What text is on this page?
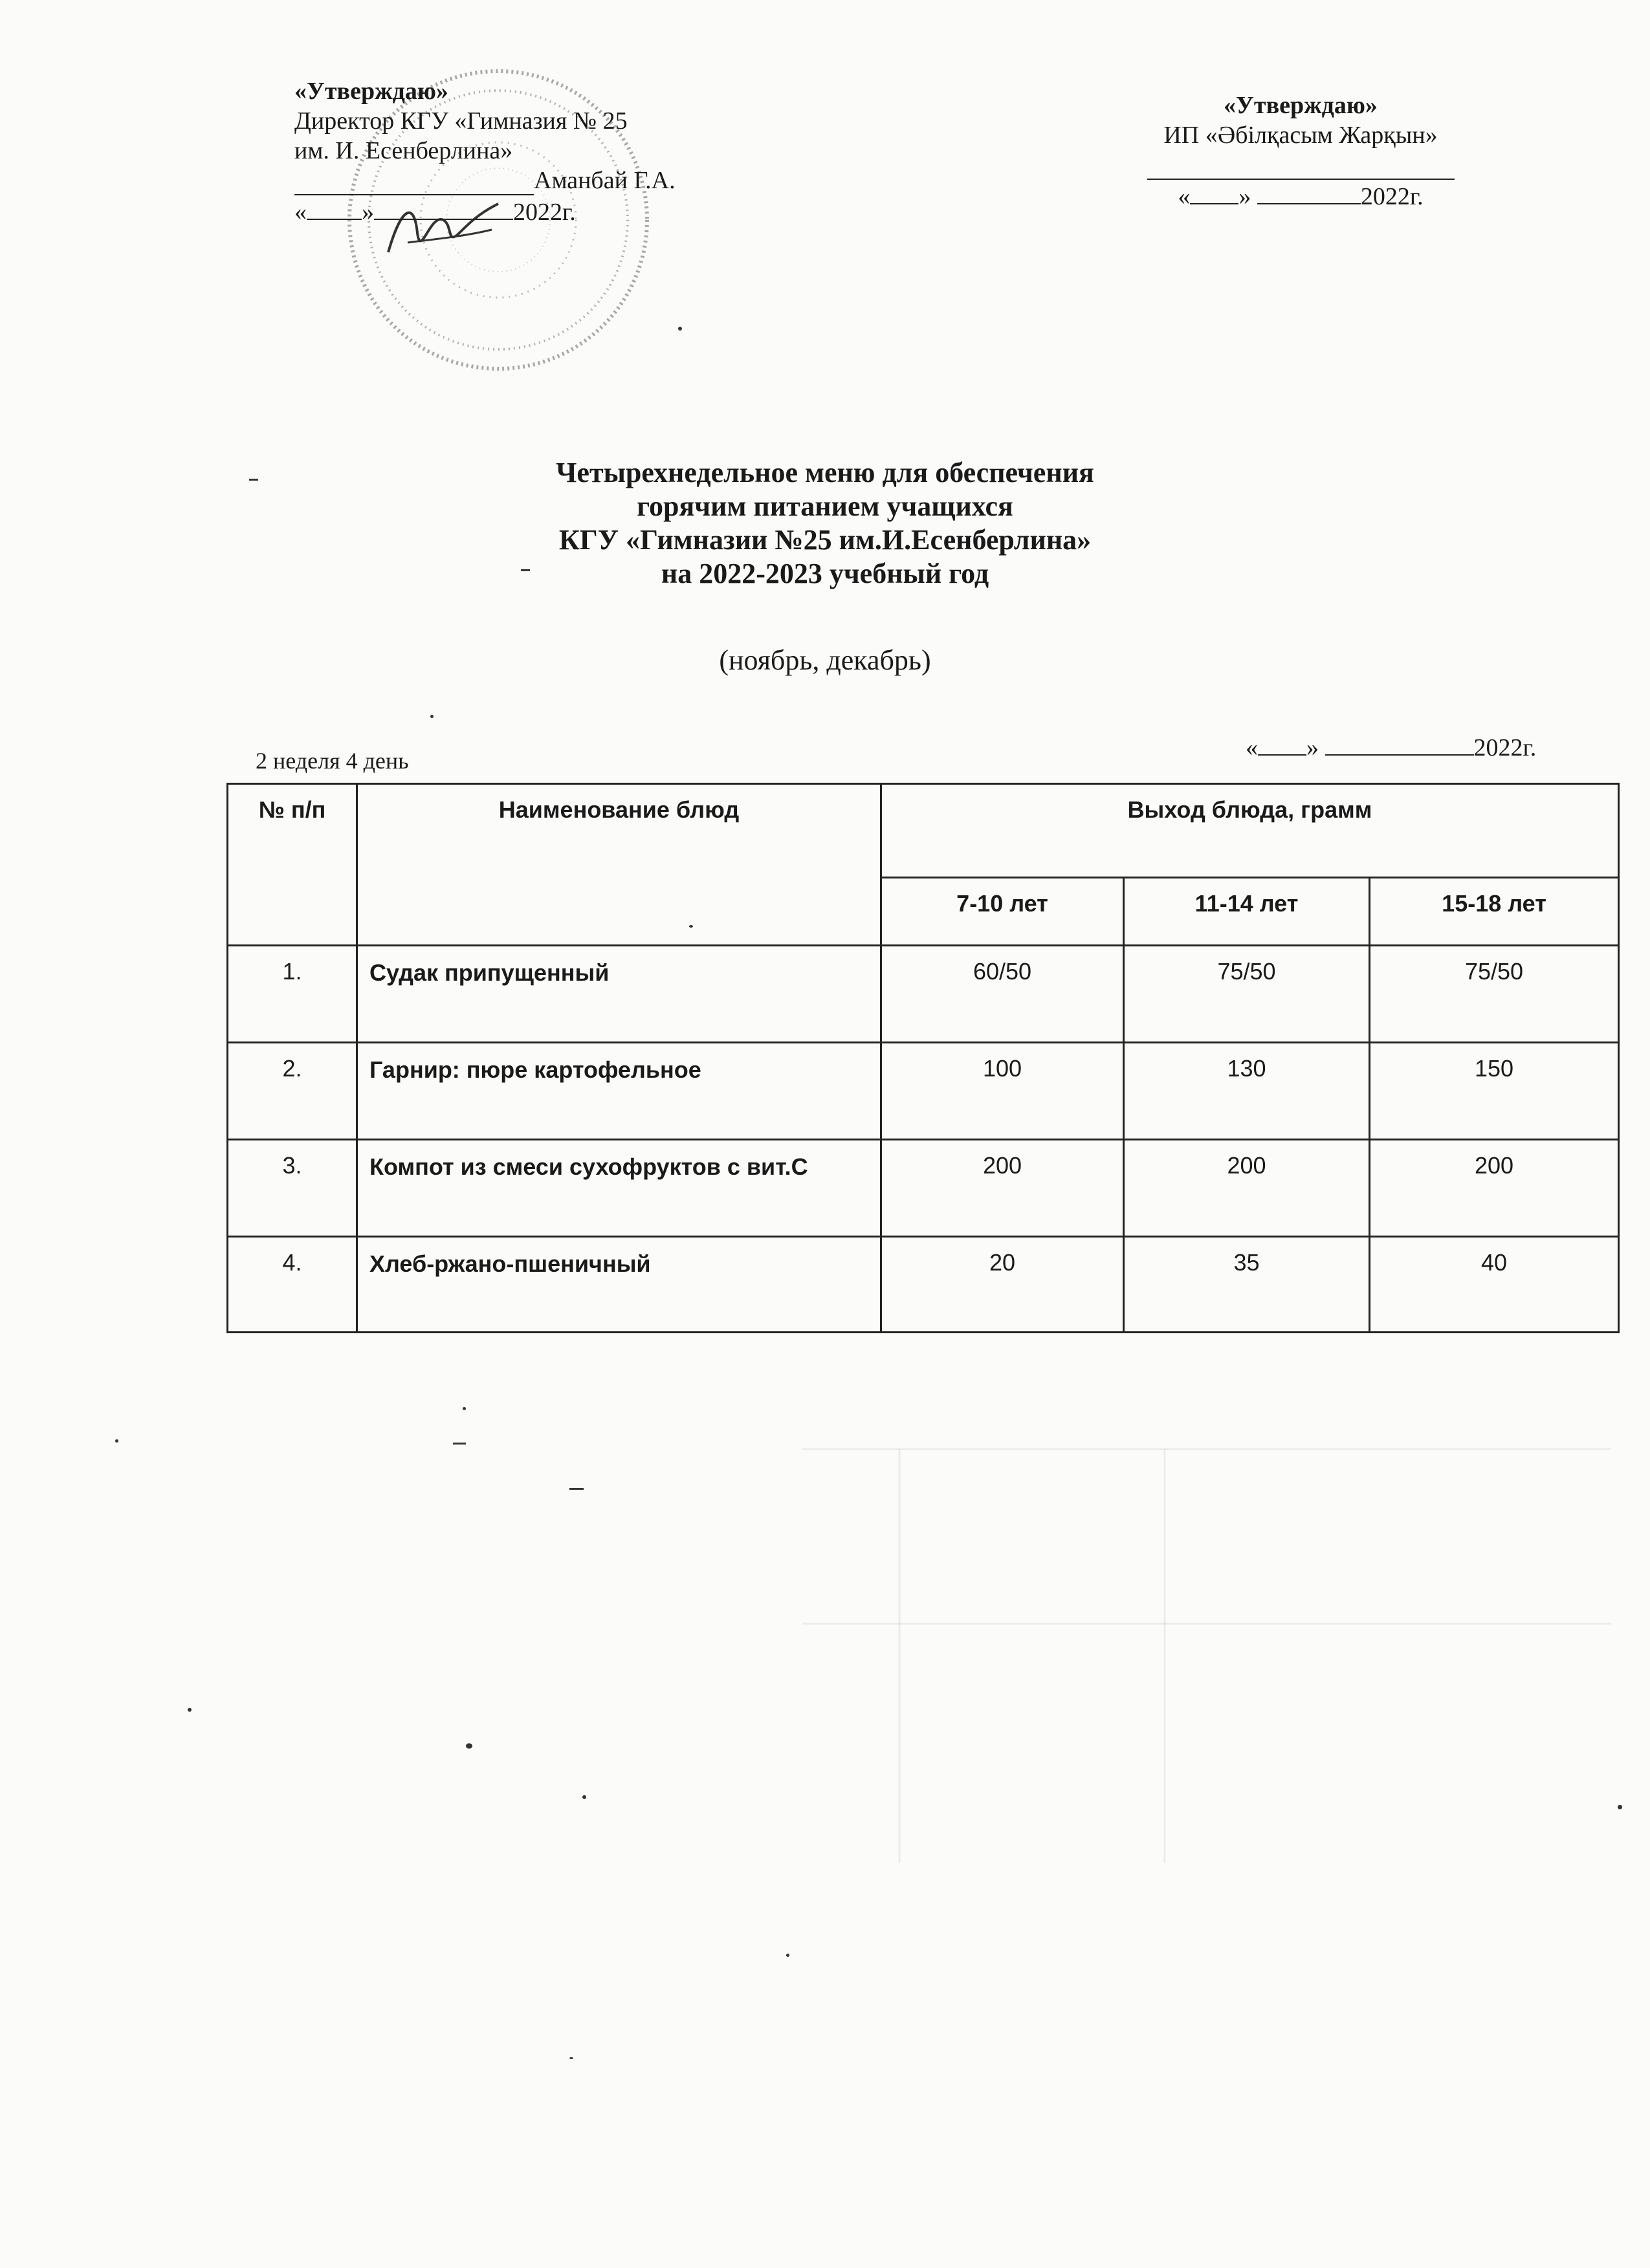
«Утверждаю»
Директор КГУ «Гимназия № 25
им. И. Есенберлина»
Аманбай Г.А.
« »	2022г.
«Утверждаю»
ИП «Әбілқасым Жарқын»
« »	2022г.
Четырехнедельное меню для обеспечения
горячим питанием учащихся
КГУ «Гимназии №25 им.И.Есенберлина»
на 2022-2023 учебный год
(ноябрь, декабрь)
2 неделя 4 день	« »	2022г.
№ п/п	Наименование блюд	Выход блюда, грамм		
		7-10 лет	11-14 лет	15-18 лет
1.	Судак припущенный	60/50	75/50	75/50
2.	Гарнир: пюре картофельное	100	130	150
3.	Компот из смеси сухофруктов с вит.С	200	200	200
4.	Хлеб-ржано-пшеничный	20	35	40
